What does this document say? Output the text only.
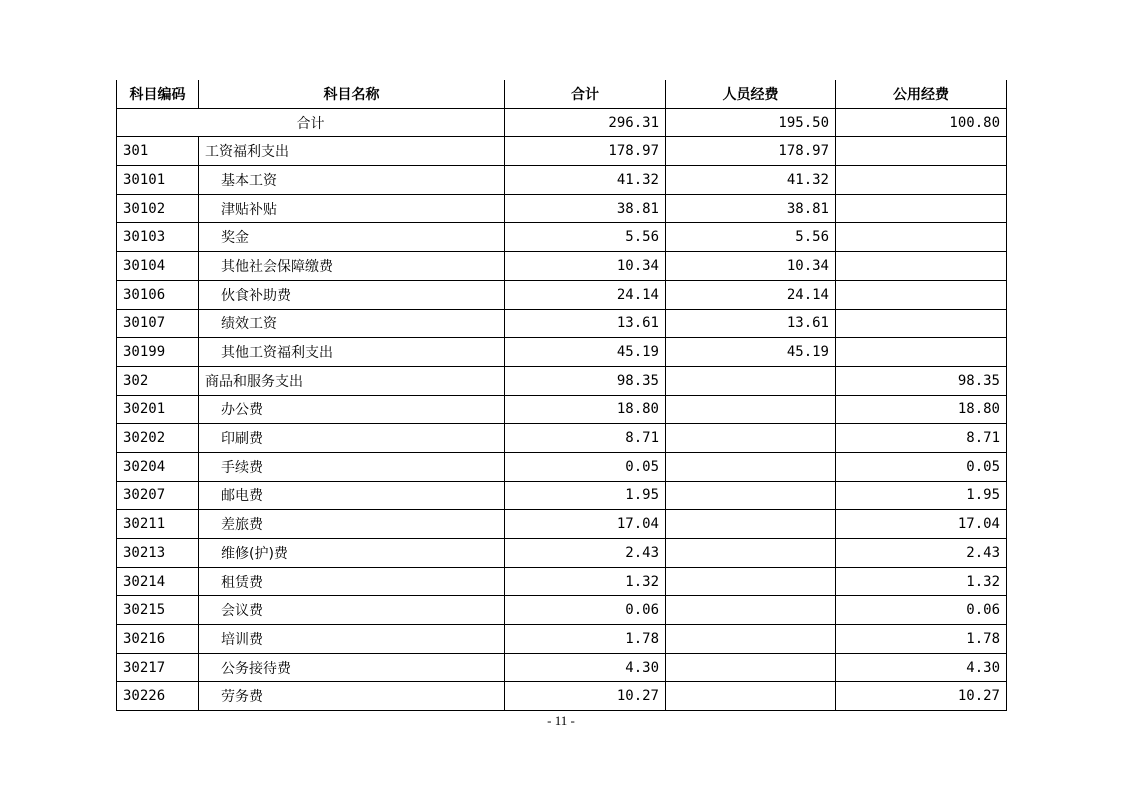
科目编码	科目名称	合计	人员经费	公用经费
合计		296.31	195.50	100.80
301	工资福利支出	178.97	178.97	
30101	基本工资	41.32	41.32	
30102	津贴补贴	38.81	38.81	
30103	奖金	5.56	5.56	
30104	其他社会保障缴费	10.34	10.34	
30106	伙食补助费	24.14	24.14	
30107	绩效工资	13.61	13.61	
30199	其他工资福利支出	45.19	45.19	
302	商品和服务支出	98.35		98.35
30201	办公费	18.80		18.80
30202	印刷费	8.71		8.71
30204	手续费	0.05		0.05
30207	邮电费	1.95		1.95
30211	差旅费	17.04		17.04
30213	维修(护)费	2.43		2.43
30214	租赁费	1.32		1.32
30215	会议费	0.06		0.06
30216	培训费	1.78		1.78
30217	公务接待费	4.30		4.30
30226	劳务费	10.27		10.27
- 11 -
